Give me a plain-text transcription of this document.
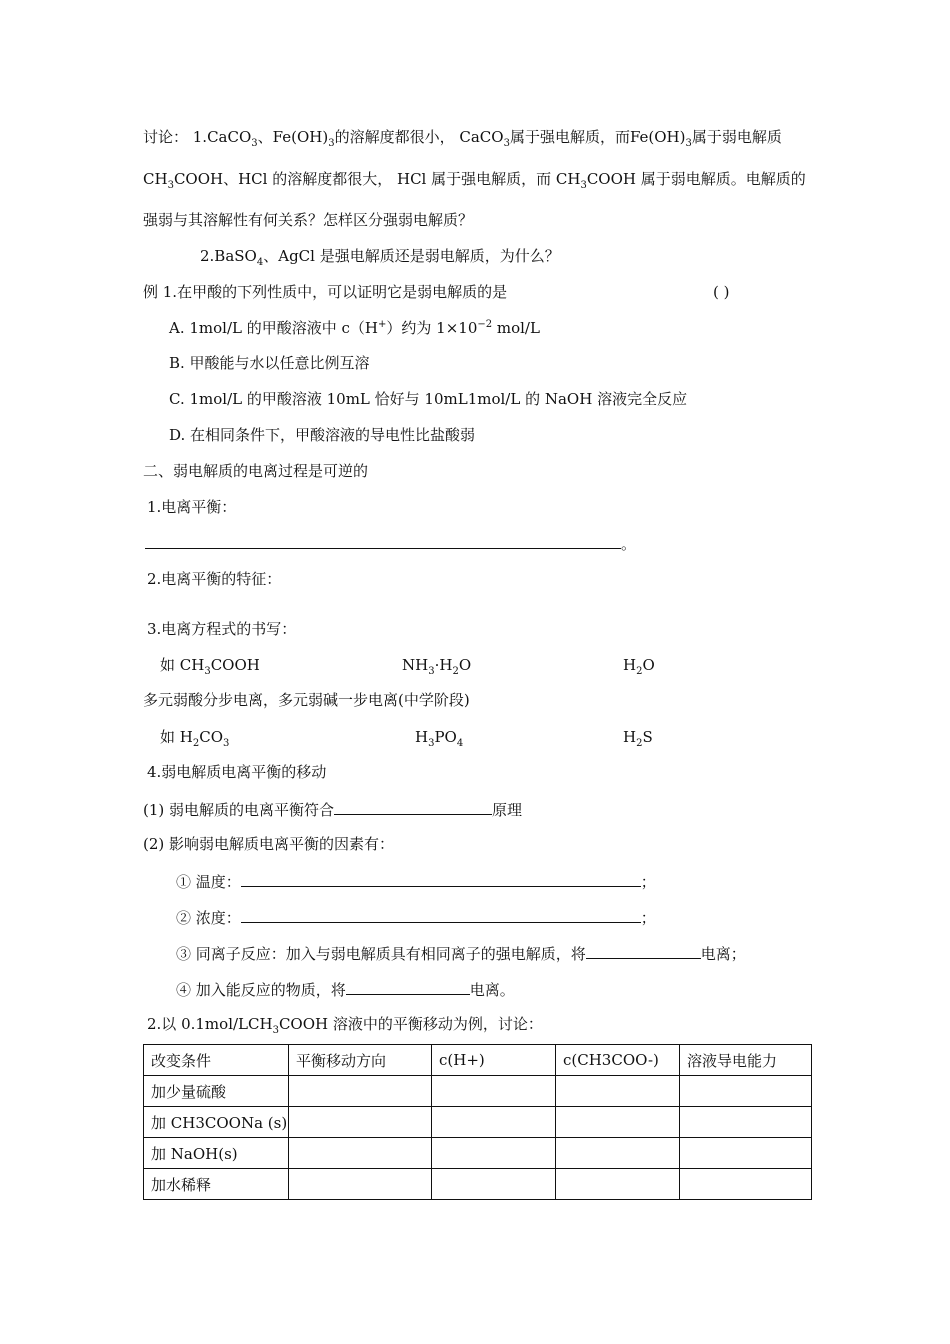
讨论： 1.CaCO$_3$、$Fe(OH)_3$的溶解度都很小， CaCO$_3$属于强电解质，而$Fe(OH)_3$属于弱电解质
$CH_3COOH$、HCl 的溶解度都很大， HCl 属于强电解质，而 $CH_3COOH$ 属于弱电解质。电解质的
强弱与其溶解性有何关系？怎样区分强弱电解质？
2.BaSO$_4$、AgCl 是强电解质还是弱电解质，为什么？
例 1.在甲酸的下列性质中，可以证明它是弱电解质的是	( )
A. 1mol/L 的甲酸溶液中 c（H+）约为 $1\times 10^{-2}$ mol/L
B. 甲酸能与水以任意比例互溶
C. 1mol/L 的甲酸溶液 10mL 恰好与 10mL1mol/L 的 NaOH 溶液完全反应
D. 在相同条件下，甲酸溶液的导电性比盐酸弱
二、弱电解质的电离过程是可逆的
1.电离平衡：
。
2.电离平衡的特征：
3.电离方程式的书写：
如 $CH_3COOH$	$NH_3\cdot H_2O$	$H_2O$
多元弱酸分步电离，多元弱碱一步电离(中学阶段)
如 $H_2CO_3$	$H_3PO_4$	$H_2S$
4.弱电解质电离平衡的移动
(1) 弱电解质的电离平衡符合	原理
(2) 影响弱电解质电离平衡的因素有：
① 温度：	；
② 浓度：	；
③ 同离子反应：加入与弱电解质具有相同离子的强电解质，将	电离；
④ 加入能反应的物质，将	电离。
2.以 $0.1mol/LCH_3COOH$ 溶液中的平衡移动为例，讨论：
改变条件	平衡移动方向	c(H+)	c(CH3COO-)	溶液导电能力
加少量硫酸				
加 CH3COONa (s)				
加 NaOH(s)				
加水稀释				
